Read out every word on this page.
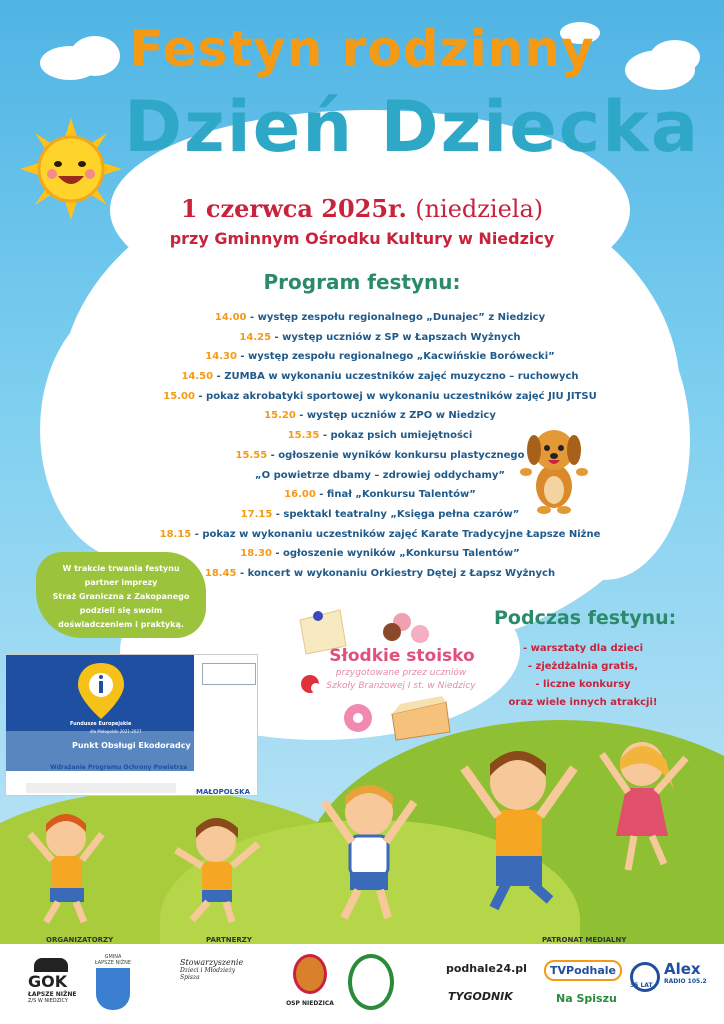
Festyn rodzinny
Dzień Dziecka
1 czerwca 2025r. (niedziela)
przy Gminnym Ośrodku Kultury w Niedzicy
Program festynu:
14.00 - występ zespołu regionalnego „Dunajec” z Niedzicy
14.25 - występ uczniów z SP w Łapszach Wyżnych
14.30 - występ zespołu regionalnego „Kacwińskie Borówecki”
14.50 - ZUMBA w wykonaniu uczestników zajęć muzyczno – ruchowych
15.00 - pokaz akrobatyki sportowej w wykonaniu uczestników zajęć JIU JITSU
15.20 - występ uczniów z ZPO w Niedzicy
15.35 - pokaz psich umiejętności
15.55 - ogłoszenie wyników konkursu plastycznego
„O powietrze dbamy – zdrowiej oddychamy”
16.00 - finał „Konkursu Talentów”
17.15 - spektakl teatralny „Księga pełna czarów”
18.15 - pokaz w wykonaniu uczestników zajęć Karate Tradycyjne Łapsze Niżne
18.30 - ogłoszenie wyników „Konkursu Talentów”
18.45 - koncert w wykonaniu Orkiestry Dętej z Łapsz Wyżnych
W trakcie trwania festynu
partner imprezy
Straż Graniczna z Zakopanego
podzieli się swoim
doświadczeniem i praktyką.	Podczas festynu:
- warsztaty dla dzieci
- zjeżdżalnia gratis,
- liczne konkursy
oraz wiele innych atrakcji!
Słodkie stoisko
przygotowane przez uczniów
Szkoły Branżowej I st. w Niedzicy
Fundusze Europejskie
dla Małopolski 2021-2027
Punkt Obsługi Ekodoradcy
Wdrażanie Programu Ochrony Powietrza
MAŁOPOLSKA
ORGANIZATORZY	PARTNERZY	PATRONAT MEDIALNY
GOK
ŁAPSZE NIŻNE
Z/S W NIEDZICY
GMINA
ŁAPSZE NIŻNE	Stowarzyszenie
Dzieci i Młodzieży
Spisza
OSP NIEDZICA
podhale24.pl
TYGODNIK
TVPodhale
Na Spiszu
35 LAT
Alex
RADIO 105.2
